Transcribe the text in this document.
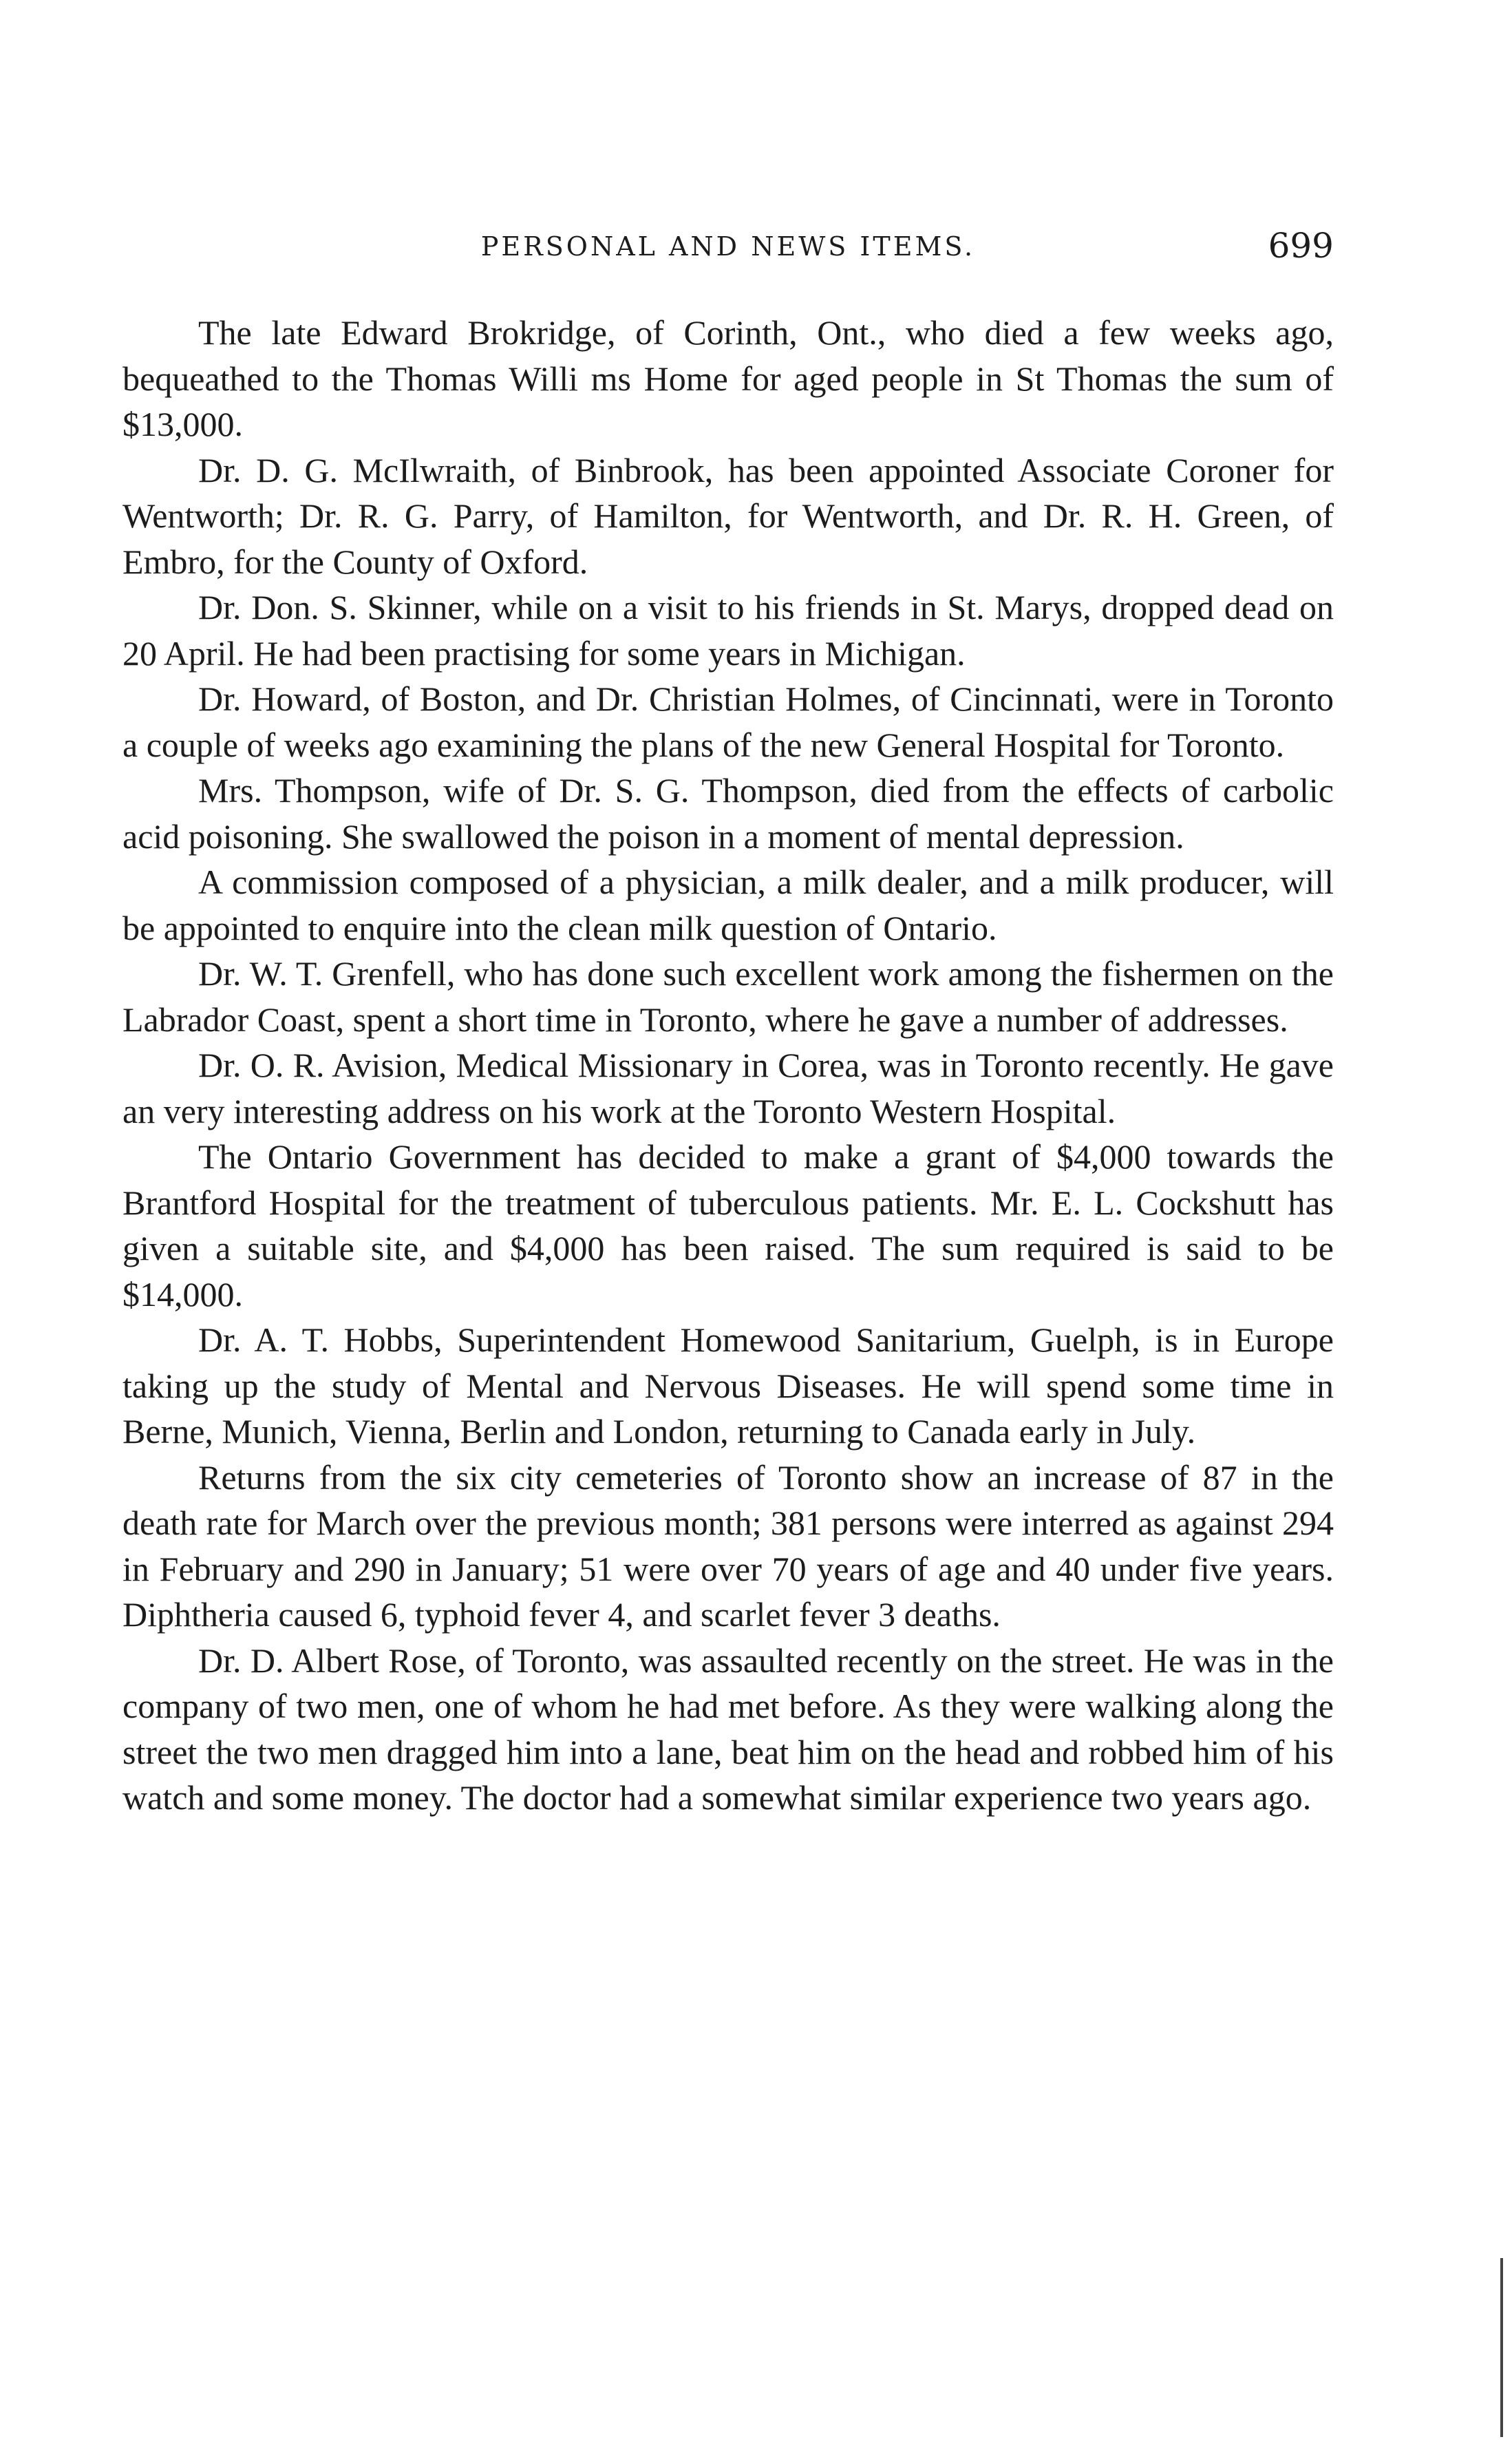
PERSONAL AND NEWS ITEMS.	699

The late Edward Brokridge, of Corinth, Ont., who died a few weeks ago, bequeathed to the Thomas Willi ms Home for aged people in St Thomas the sum of $13,000.

Dr. D. G. McIlwraith, of Binbrook, has been appointed Associate Coroner for Wentworth; Dr. R. G. Parry, of Hamilton, for Wentworth, and Dr. R. H. Green, of Embro, for the County of Oxford.

Dr. Don. S. Skinner, while on a visit to his friends in St. Marys, dropped dead on 20 April. He had been practising for some years in Michigan.

Dr. Howard, of Boston, and Dr. Christian Holmes, of Cincinnati, were in Toronto a couple of weeks ago examining the plans of the new General Hospital for Toronto.

Mrs. Thompson, wife of Dr. S. G. Thompson, died from the effects of carbolic acid poisoning. She swallowed the poison in a moment of mental depression.

A commission composed of a physician, a milk dealer, and a milk producer, will be appointed to enquire into the clean milk question of Ontario.

Dr. W. T. Grenfell, who has done such excellent work among the fishermen on the Labrador Coast, spent a short time in Toronto, where he gave a number of addresses.

Dr. O. R. Avision, Medical Missionary in Corea, was in Toronto recently. He gave an very interesting address on his work at the Toronto Western Hospital.

The Ontario Government has decided to make a grant of $4,000 towards the Brantford Hospital for the treatment of tuberculous patients. Mr. E. L. Cockshutt has given a suitable site, and $4,000 has been raised. The sum required is said to be $14,000.

Dr. A. T. Hobbs, Superintendent Homewood Sanitarium, Guelph, is in Europe taking up the study of Mental and Nervous Diseases. He will spend some time in Berne, Munich, Vienna, Berlin and London, returning to Canada early in July.

Returns from the six city cemeteries of Toronto show an increase of 87 in the death rate for March over the previous month; 381 persons were interred as against 294 in February and 290 in January; 51 were over 70 years of age and 40 under five years. Diphtheria caused 6, typhoid fever 4, and scarlet fever 3 deaths.

Dr. D. Albert Rose, of Toronto, was assaulted recently on the street. He was in the company of two men, one of whom he had met before. As they were walking along the street the two men dragged him into a lane, beat him on the head and robbed him of his watch and some money. The doctor had a somewhat similar experience two years ago.
